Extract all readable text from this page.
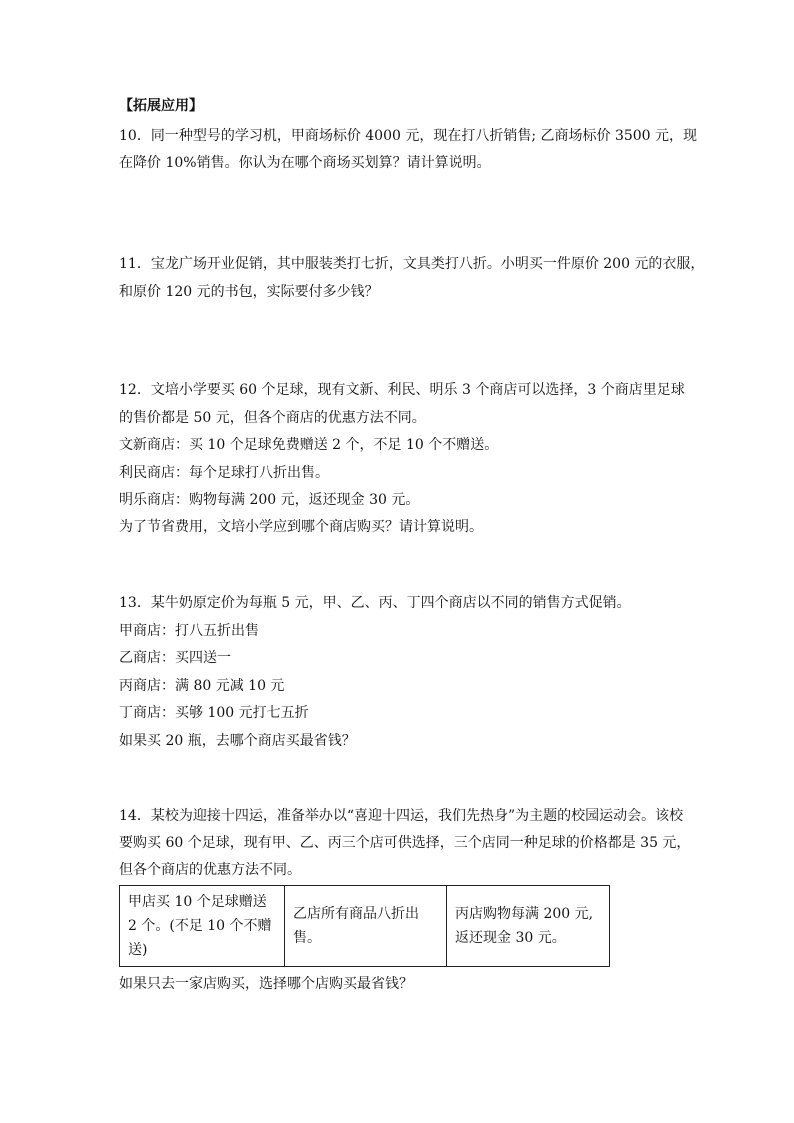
【拓展应用】
10．同一种型号的学习机，甲商场标价 4000 元，现在打八折销售; 乙商场标价 3500 元，现
在降价 10%销售。你认为在哪个商场买划算？请计算说明。
11．宝龙广场开业促销，其中服装类打七折，文具类打八折。小明买一件原价 200 元的衣服，
和原价 120 元的书包，实际要付多少钱？
12．文培小学要买 60 个足球，现有文新、利民、明乐 3 个商店可以选择，3 个商店里足球
的售价都是 50 元，但各个商店的优惠方法不同。
文新商店：买 10 个足球免费赠送 2 个，不足 10 个不赠送。
利民商店：每个足球打八折出售。
明乐商店：购物每满 200 元，返还现金 30 元。
为了节省费用，文培小学应到哪个商店购买？请计算说明。
13．某牛奶原定价为每瓶 5 元，甲、乙、丙、丁四个商店以不同的销售方式促销。
甲商店：打八五折出售
乙商店：买四送一
丙商店：满 80 元减 10 元
丁商店：买够 100 元打七五折
如果买 20 瓶，去哪个商店买最省钱？
14．某校为迎接十四运，准备举办以“喜迎十四运，我们先热身”为主题的校园运动会。该校
要购买 60 个足球，现有甲、乙、丙三个店可供选择，三个店同一种足球的价格都是 35 元，
但各个商店的优惠方法不同。
甲店买 10 个足球赠送 2 个。(不足 10 个不赠送)	乙店所有商品八折出售。	丙店购物每满 200 元,返还现金 30 元。
如果只去一家店购买，选择哪个店购买最省钱？
